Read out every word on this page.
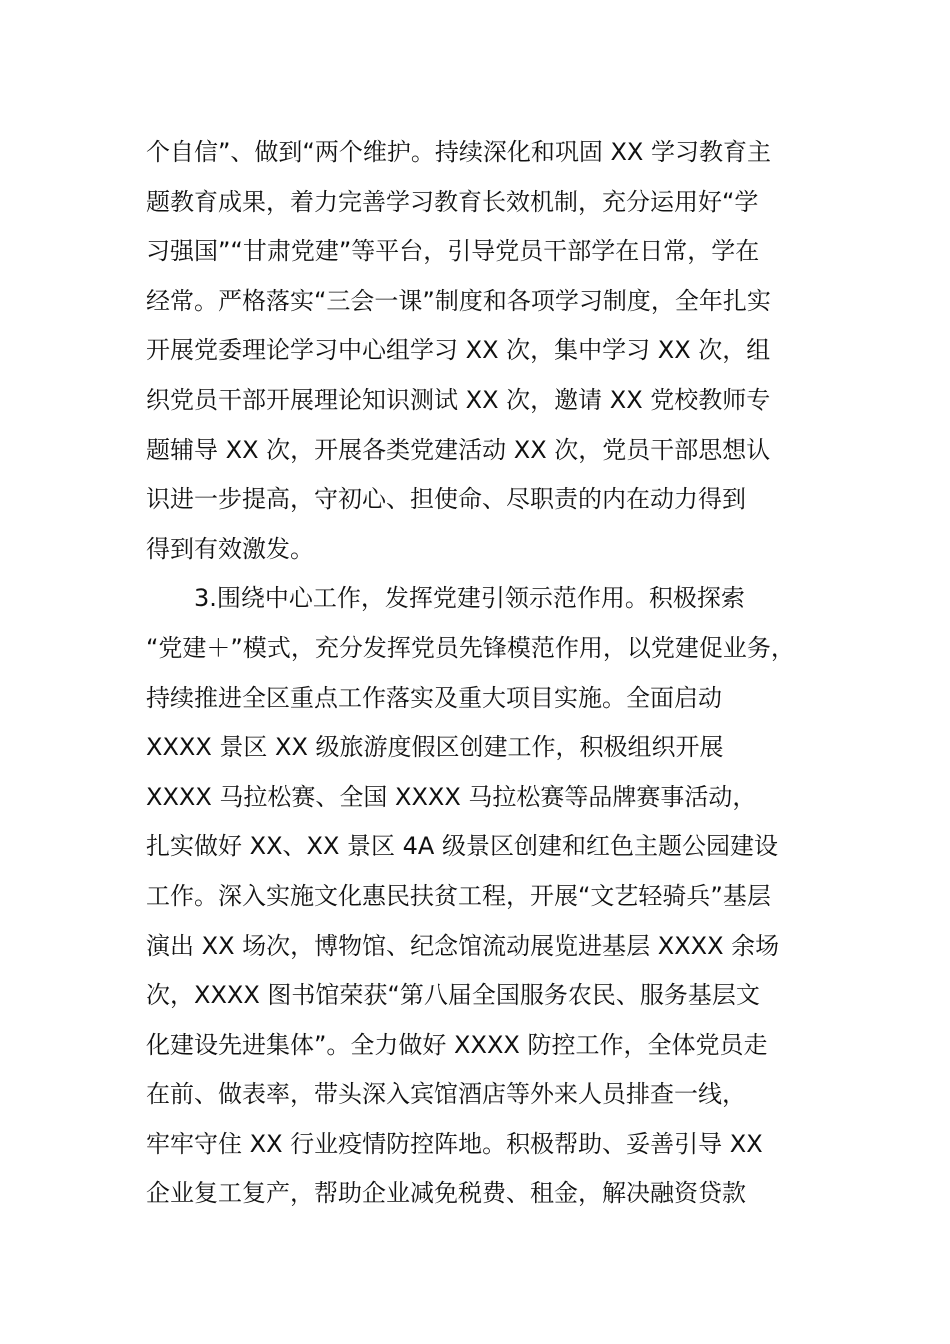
个自信”、做到“两个维护。持续深化和巩固 XX 学习教育主
题教育成果，着力完善学习教育长效机制，充分运用好“学
习强国”“甘肃党建”等平台，引导党员干部学在日常，学在
经常。严格落实“三会一课”制度和各项学习制度，全年扎实
开展党委理论学习中心组学习 XX 次，集中学习 XX 次，组
织党员干部开展理论知识测试 XX 次，邀请 XX 党校教师专
题辅导 XX 次，开展各类党建活动 XX 次，党员干部思想认
识进一步提高，守初心、担使命、尽职责的内在动力得到
得到有效激发。
3.围绕中心工作，发挥党建引领示范作用。积极探索
“党建＋”模式，充分发挥党员先锋模范作用，以党建促业务，
持续推进全区重点工作落实及重大项目实施。全面启动
XXXX 景区 XX 级旅游度假区创建工作，积极组织开展
XXXX 马拉松赛、全国 XXXX 马拉松赛等品牌赛事活动，
扎实做好 XX、XX 景区 4A 级景区创建和红色主题公园建设
工作。深入实施文化惠民扶贫工程，开展“文艺轻骑兵”基层
演出 XX 场次，博物馆、纪念馆流动展览进基层 XXXX 余场
次，XXXX 图书馆荣获“第八届全国服务农民、服务基层文
化建设先进集体”。全力做好 XXXX 防控工作，全体党员走
在前、做表率，带头深入宾馆酒店等外来人员排查一线，
牢牢守住 XX 行业疫情防控阵地。积极帮助、妥善引导 XX
企业复工复产，帮助企业减免税费、租金，解决融资贷款
